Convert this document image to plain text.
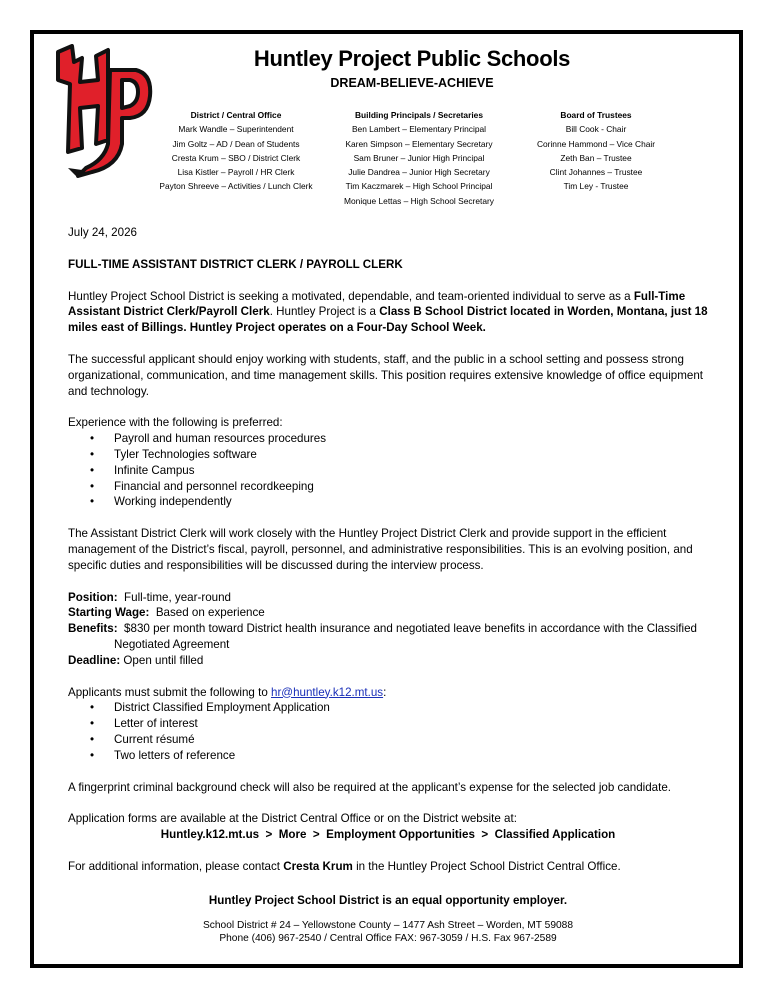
Huntley Project Public Schools
DREAM-BELIEVE-ACHIEVE
District / Central Office
Mark Wandle – Superintendent
Jim Goltz – AD / Dean of Students
Cresta Krum – SBO / District Clerk
Lisa Kistler – Payroll / HR Clerk
Payton Shreeve – Activities / Lunch Clerk
Building Principals / Secretaries
Ben Lambert – Elementary Principal
Karen Simpson – Elementary Secretary
Sam Bruner – Junior High Principal
Julie Dandrea – Junior High Secretary
Tim Kaczmarek – High School Principal
Monique Lettas – High School Secretary
Board of Trustees
Bill Cook - Chair
Corinne Hammond – Vice Chair
Zeth Ban – Trustee
Clint Johannes – Trustee
Tim Ley - Trustee

July 24, 2026

FULL-TIME ASSISTANT DISTRICT CLERK / PAYROLL CLERK

Huntley Project School District is seeking a motivated, dependable, and team-oriented individual to serve as a Full-Time Assistant District Clerk/Payroll Clerk. Huntley Project is a Class B School District located in Worden, Montana, just 18 miles east of Billings. Huntley Project operates on a Four-Day School Week.

The successful applicant should enjoy working with students, staff, and the public in a school setting and possess strong organizational, communication, and time management skills. This position requires extensive knowledge of office equipment and technology.

Experience with the following is preferred:

• Payroll and human resources procedures
• Tyler Technologies software
• Infinite Campus
• Financial and personnel recordkeeping
• Working independently

The Assistant District Clerk will work closely with the Huntley Project District Clerk and provide support in the efficient management of the District’s fiscal, payroll, personnel, and administrative responsibilities. This is an evolving position, and specific duties and responsibilities will be discussed during the interview process.

Position:  Full-time, year-round

Starting Wage:  Based on experience

Benefits:  $830 per month toward District health insurance and negotiated leave benefits in accordance with the Classified

Negotiated Agreement

Deadline: Open until filled

Applicants must submit the following to hr@huntley.k12.mt.us:

• District Classified Employment Application
• Letter of interest
• Current résumé
• Two letters of reference

A fingerprint criminal background check will also be required at the applicant’s expense for the selected job candidate.

Application forms are available at the District Central Office or on the District website at:

Huntley.k12.mt.us  >  More  >  Employment Opportunities  >  Classified Application

For additional information, please contact Cresta Krum in the Huntley Project School District Central Office.

Huntley Project School District is an equal opportunity employer.

School District # 24 – Yellowstone County – 1477 Ash Street – Worden, MT 59088

Phone (406) 967-2540 / Central Office FAX: 967-3059 / H.S. Fax 967-2589
